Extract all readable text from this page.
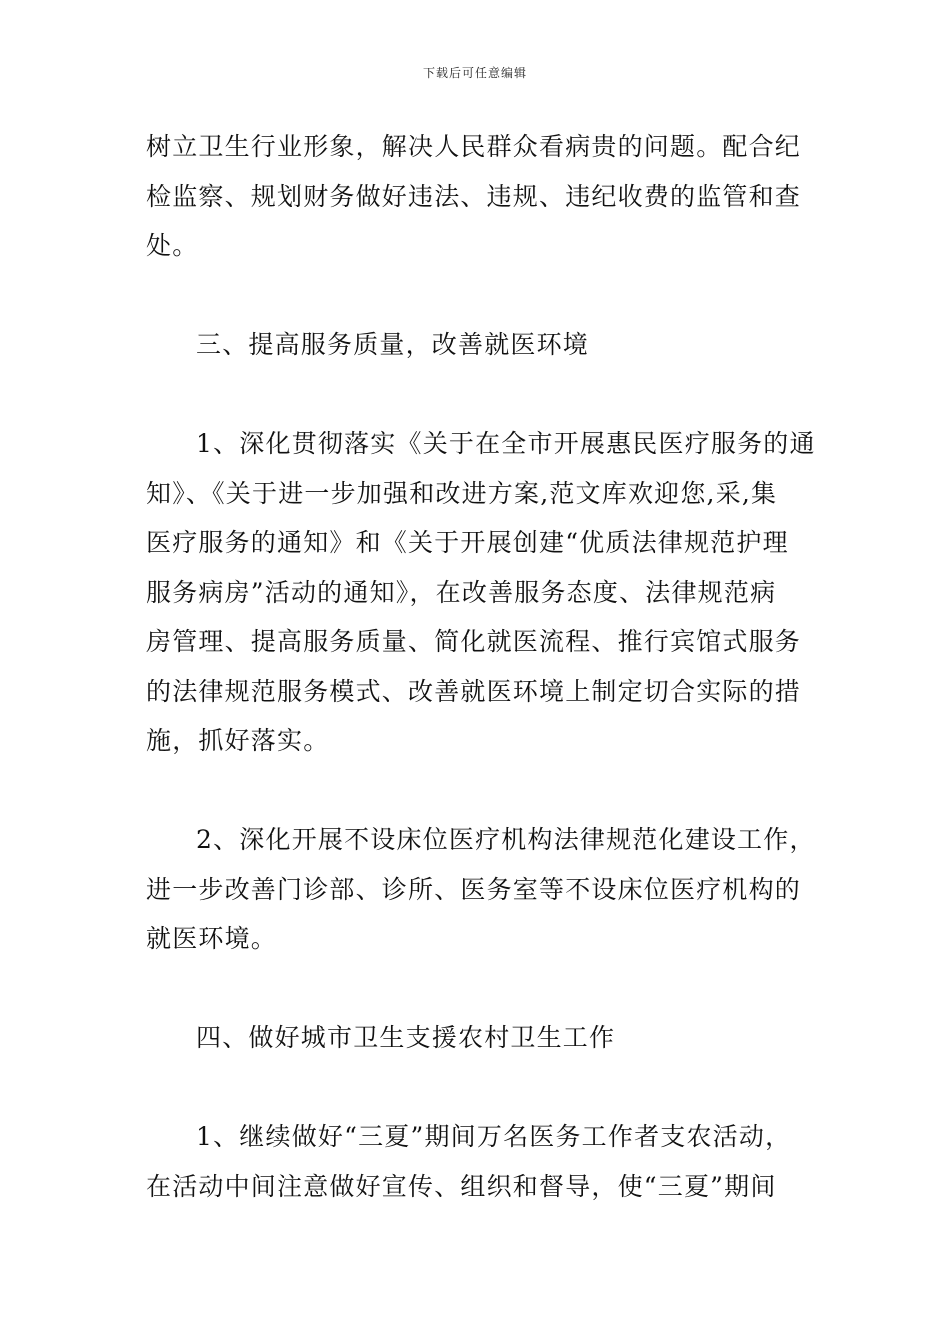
下载后可任意编辑

树立卫生行业形象，解决人民群众看病贵的问题。配合纪
检监察、规划财务做好违法、违规、违纪收费的监管和查
处。

三、提高服务质量，改善就医环境

1、深化贯彻落实《关于在全市开展惠民医疗服务的通
知》、《关于进一步加强和改进方案,范文库欢迎您,采,集
医疗服务的通知》和《关于开展创建“优质法律规范护理
服务病房”活动的通知》，在改善服务态度、法律规范病
房管理、提高服务质量、简化就医流程、推行宾馆式服务
的法律规范服务模式、改善就医环境上制定切合实际的措
施，抓好落实。

2、深化开展不设床位医疗机构法律规范化建设工作，
进一步改善门诊部、诊所、医务室等不设床位医疗机构的
就医环境。

四、做好城市卫生支援农村卫生工作

1、继续做好“三夏”期间万名医务工作者支农活动，
在活动中间注意做好宣传、组织和督导，使“三夏”期间
